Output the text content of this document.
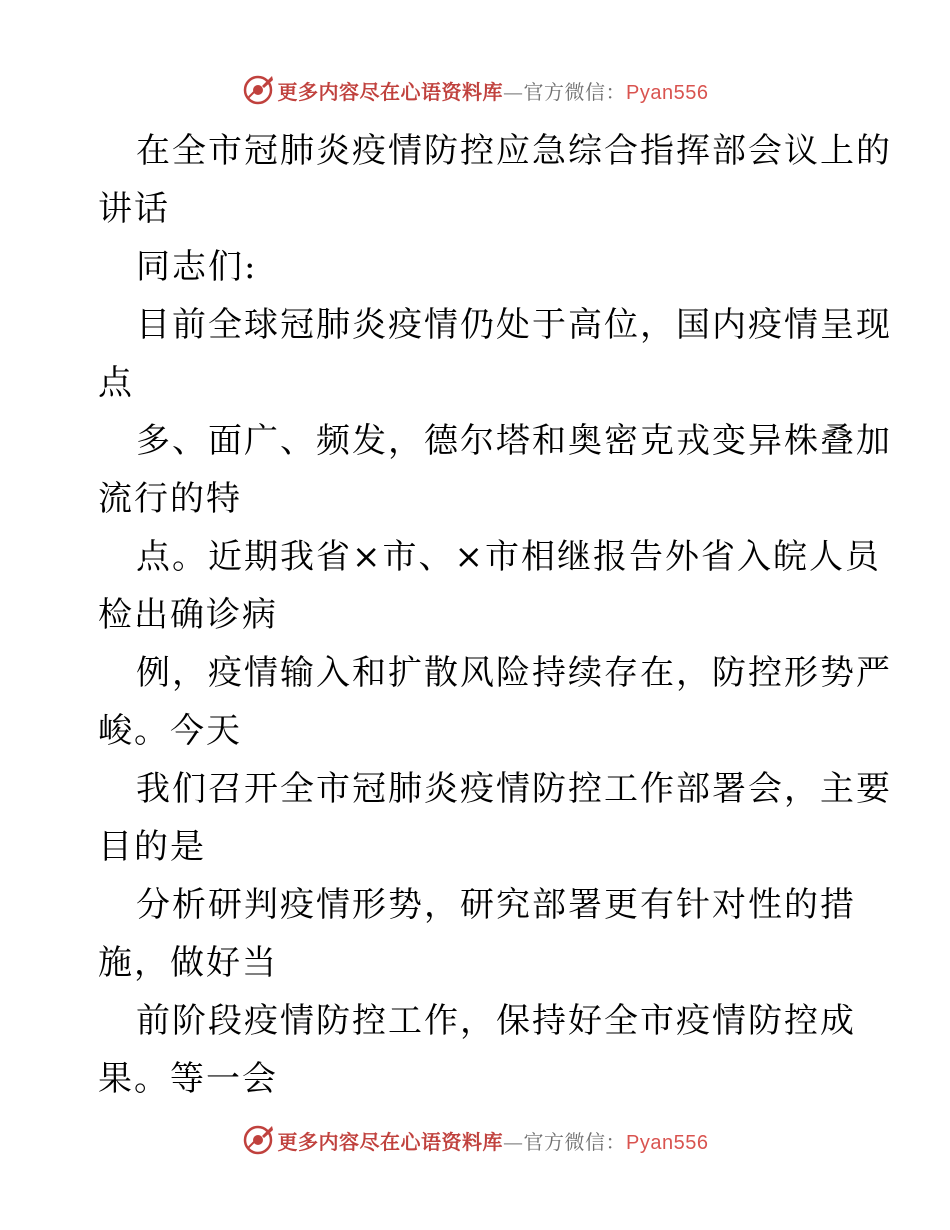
更多内容尽在心语资料库—官方微信：Pyan556
在全市冠肺炎疫情防控应急综合指挥部会议上的
讲话
同志们:
目前全球冠肺炎疫情仍处于高位，国内疫情呈现
点
多、面广、频发，德尔塔和奥密克戎变异株叠加
流行的特
点。近期我省×市、×市相继报告外省入皖人员
检出确诊病
例，疫情输入和扩散风险持续存在，防控形势严
峻。今天
我们召开全市冠肺炎疫情防控工作部署会，主要
目的是
分析研判疫情形势，研究部署更有针对性的措
施，做好当
前阶段疫情防控工作，保持好全市疫情防控成
果。等一会
更多内容尽在心语资料库—官方微信：Pyan556
